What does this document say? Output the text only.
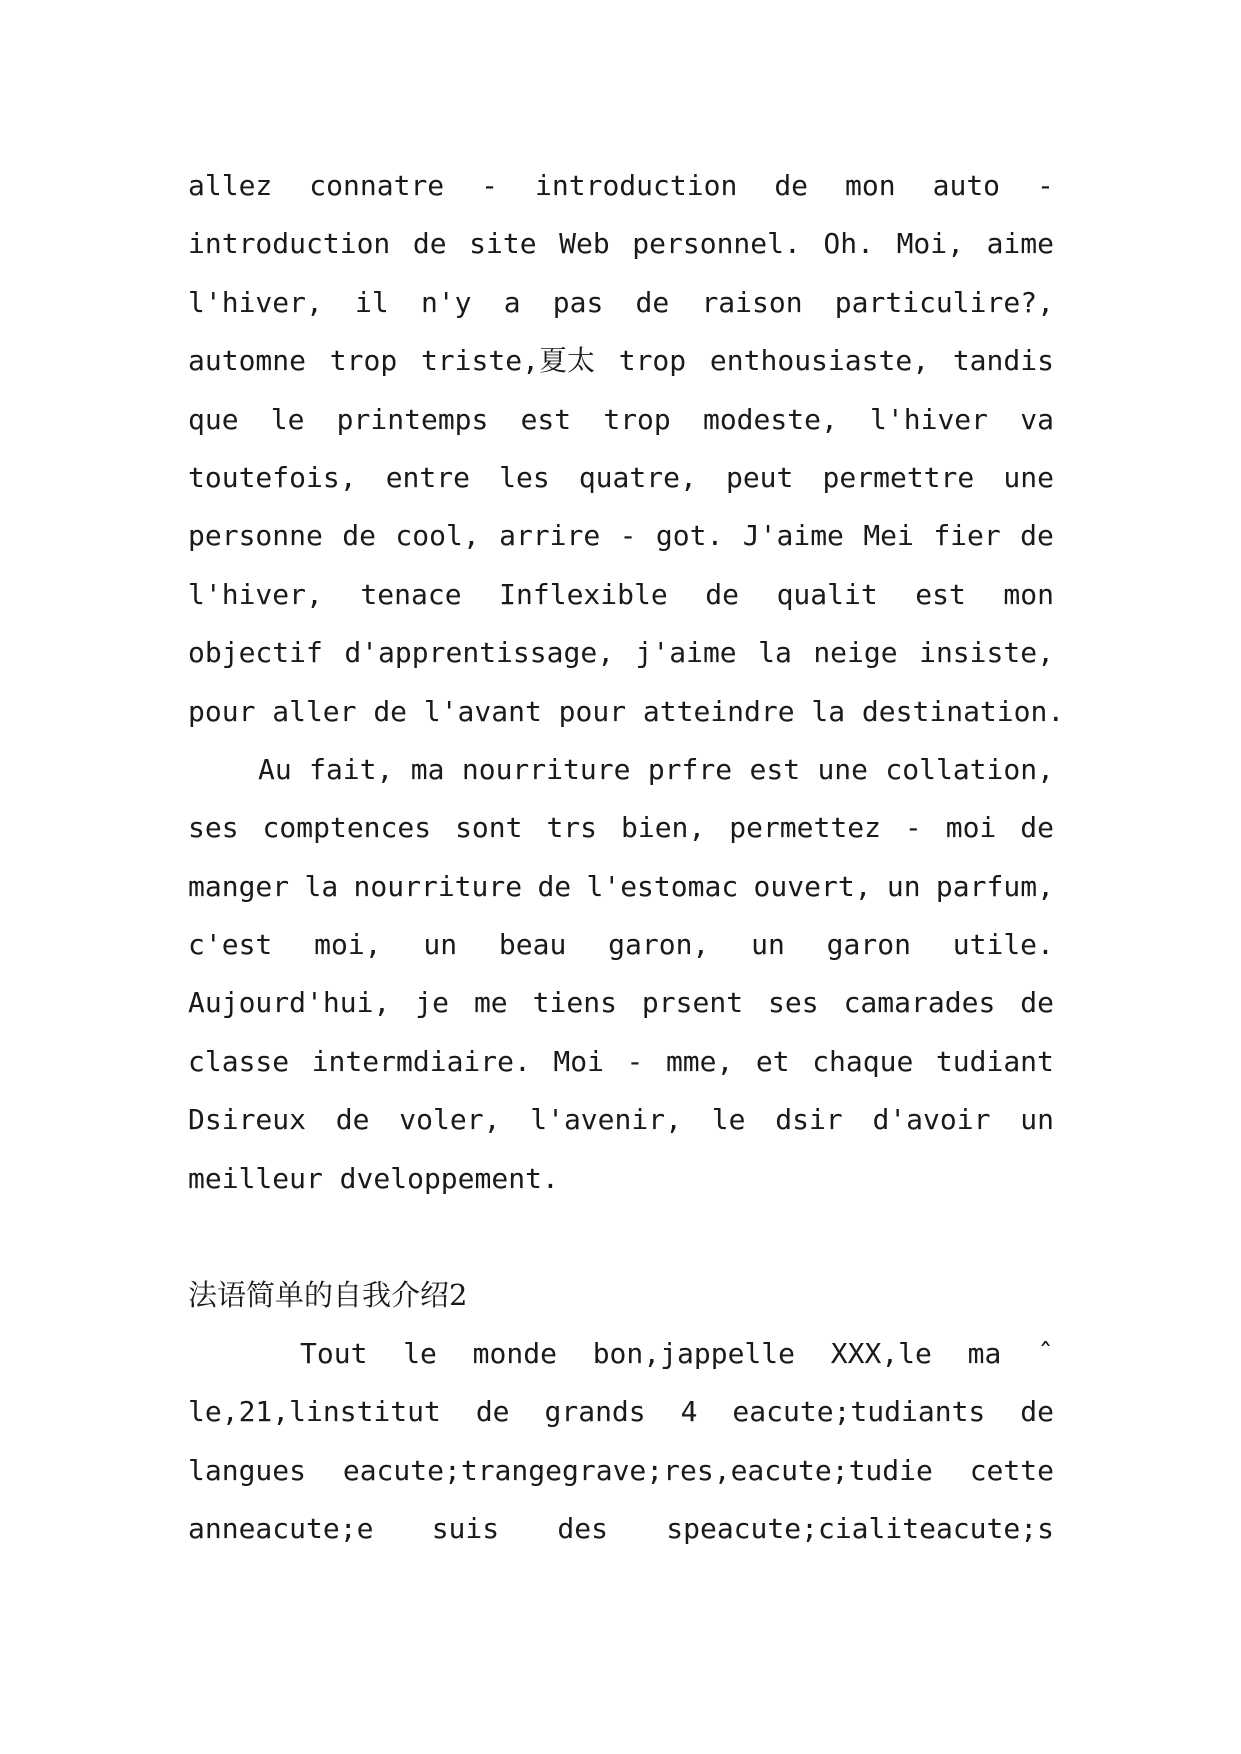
allez connatre - introduction de mon auto -
introduction de site Web personnel. Oh. Moi, aime
l'hiver, il n'y a pas de raison particulire?,
automne trop triste,夏太 trop enthousiaste, tandis
que le printemps est trop modeste, l'hiver va
toutefois, entre les quatre, peut permettre une
personne de cool, arrire - got. J'aime Mei fier de
l'hiver, tenace Inflexible de qualit est mon
objectif d'apprentissage, j'aime la neige insiste,
pour aller de l'avant pour atteindre la destination.
Au fait, ma nourriture prfre est une collation,
ses comptences sont trs bien, permettez - moi de
manger la nourriture de l'estomac ouvert, un parfum,
c'est moi, un beau garon, un garon utile.
Aujourd'hui, je me tiens prsent ses camarades de
classe intermdiaire. Moi - mme, et chaque tudiant
Dsireux de voler, l'avenir, le dsir d'avoir un
meilleur dveloppement.
法语简单的自我介绍2
Tout le monde bon,jappelle XXX,le ma ˆ
le,21,linstitut de grands 4 eacute;tudiants de
langues eacute;trangegrave;res,eacute;tudie cette
anneacute;e suis des speacute;cialiteacute;s
